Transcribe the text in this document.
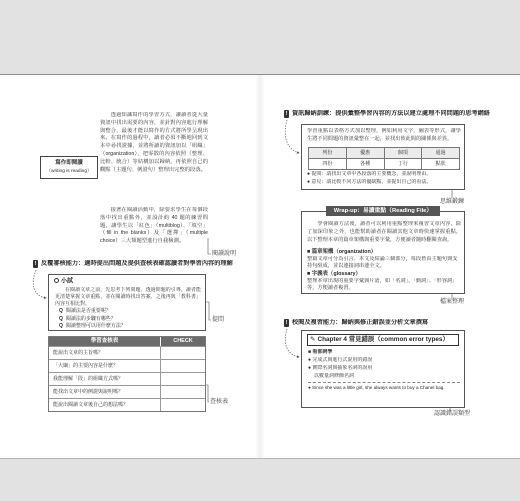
寫作即閱讀
（writing is reading）
透過知識寫作的學習方式，讓讀者從大量資訊中找出需要的內容，並針對內容進行理解與整合，最後才能以寫作的方式將所學呈現出來。在寫作的過程中，讀者必須不斷地回到文本中尋找證據，並將所讀的資訊加以「組織」（organization），把零散的內容依照（整理、比較、統合）等結構加以歸納，再依照自己的觀點（主題句、例證句）整理出完整的段落。
接著在閱讀活動中，除要求學生在每個段落中找出重點外，並設計約 40 題的練習問題，讓學生以「紅色」（multiblog）、「填空」（fill in the blanks）及「選擇」（multiple choice）三大類題型進行自我檢測。
閱讀說明
! 反覆審核能力：適時提出問題及提供查核表確認讀者對學習內容的理解
小試
在閱讀文章之前，先思考下列問題。透過問題的引導，讀者能更清楚掌握文章重點，並在閱讀時找出答案，之後再與「教科書」內容互相比對。
Q 閱讀法是否重要呢？
Q 閱讀法的步驟有哪些？
Q 閱讀整理可以用什麼方法？
提問
學習查核表	CHECK
能說出文章的主旨嗎？
「大綱」的主要內容是什麼？
我能理解「段」的組織方式嗎？
能找出文章中的例證與說明嗎？
能說出閱讀文章後自己的想法嗎？	查核表
! 資訊歸納訓練：提供彙整學習內容的方法以建立處理不同問題的思考網絡
學習重點以表格方式加以整理，例如利用文字、圖表等形式，讓學生將不同問題的資訊彙整在一起，並找出彼此間的關係與差異。
列份	優惠	個項	通過
四份	各種	丁行	點狀
● 提問：請找出文章中各段落的主要概念，並說明理由。
● 意見：請比較不同方法的優缺點，並提出自己的看法。
思維鍛鍊
學會閱讀方法後，讀者可以利用重點整理來複習文章內容，除了加深印象之外，也能幫助讀者在閱讀其他文章時快速掌握重點。以下整理本章的篇章架構與重要字彙，方便讀者隨時翻閱查詢。
■ 篇章架構（organization）
整篇文章可分為引言、本文及結論三個部分，每段皆由主題句與支持句組成，並以連接詞串連全文。
■ 字義表（glossary）
整理本章出現的重要字彙與片語，如「名詞」、「動詞」、「形容詞」等，方便讀者複習。
Wrap-up：易讀重點（Reading File）
檔案整理
! 校閱及複習能力：歸納與修正錯誤並分析文章撰寫
✎ Chapter 4 常見錯誤（common error types）
■ 看部詞學
● 完成式與進行式混用的錯誤
● 實際名詞與抽象名詞的誤用
以數量詞修飾名詞
● Since she was a little girl, she always wants to buy a Chanel bag.
認識錯誤類型
